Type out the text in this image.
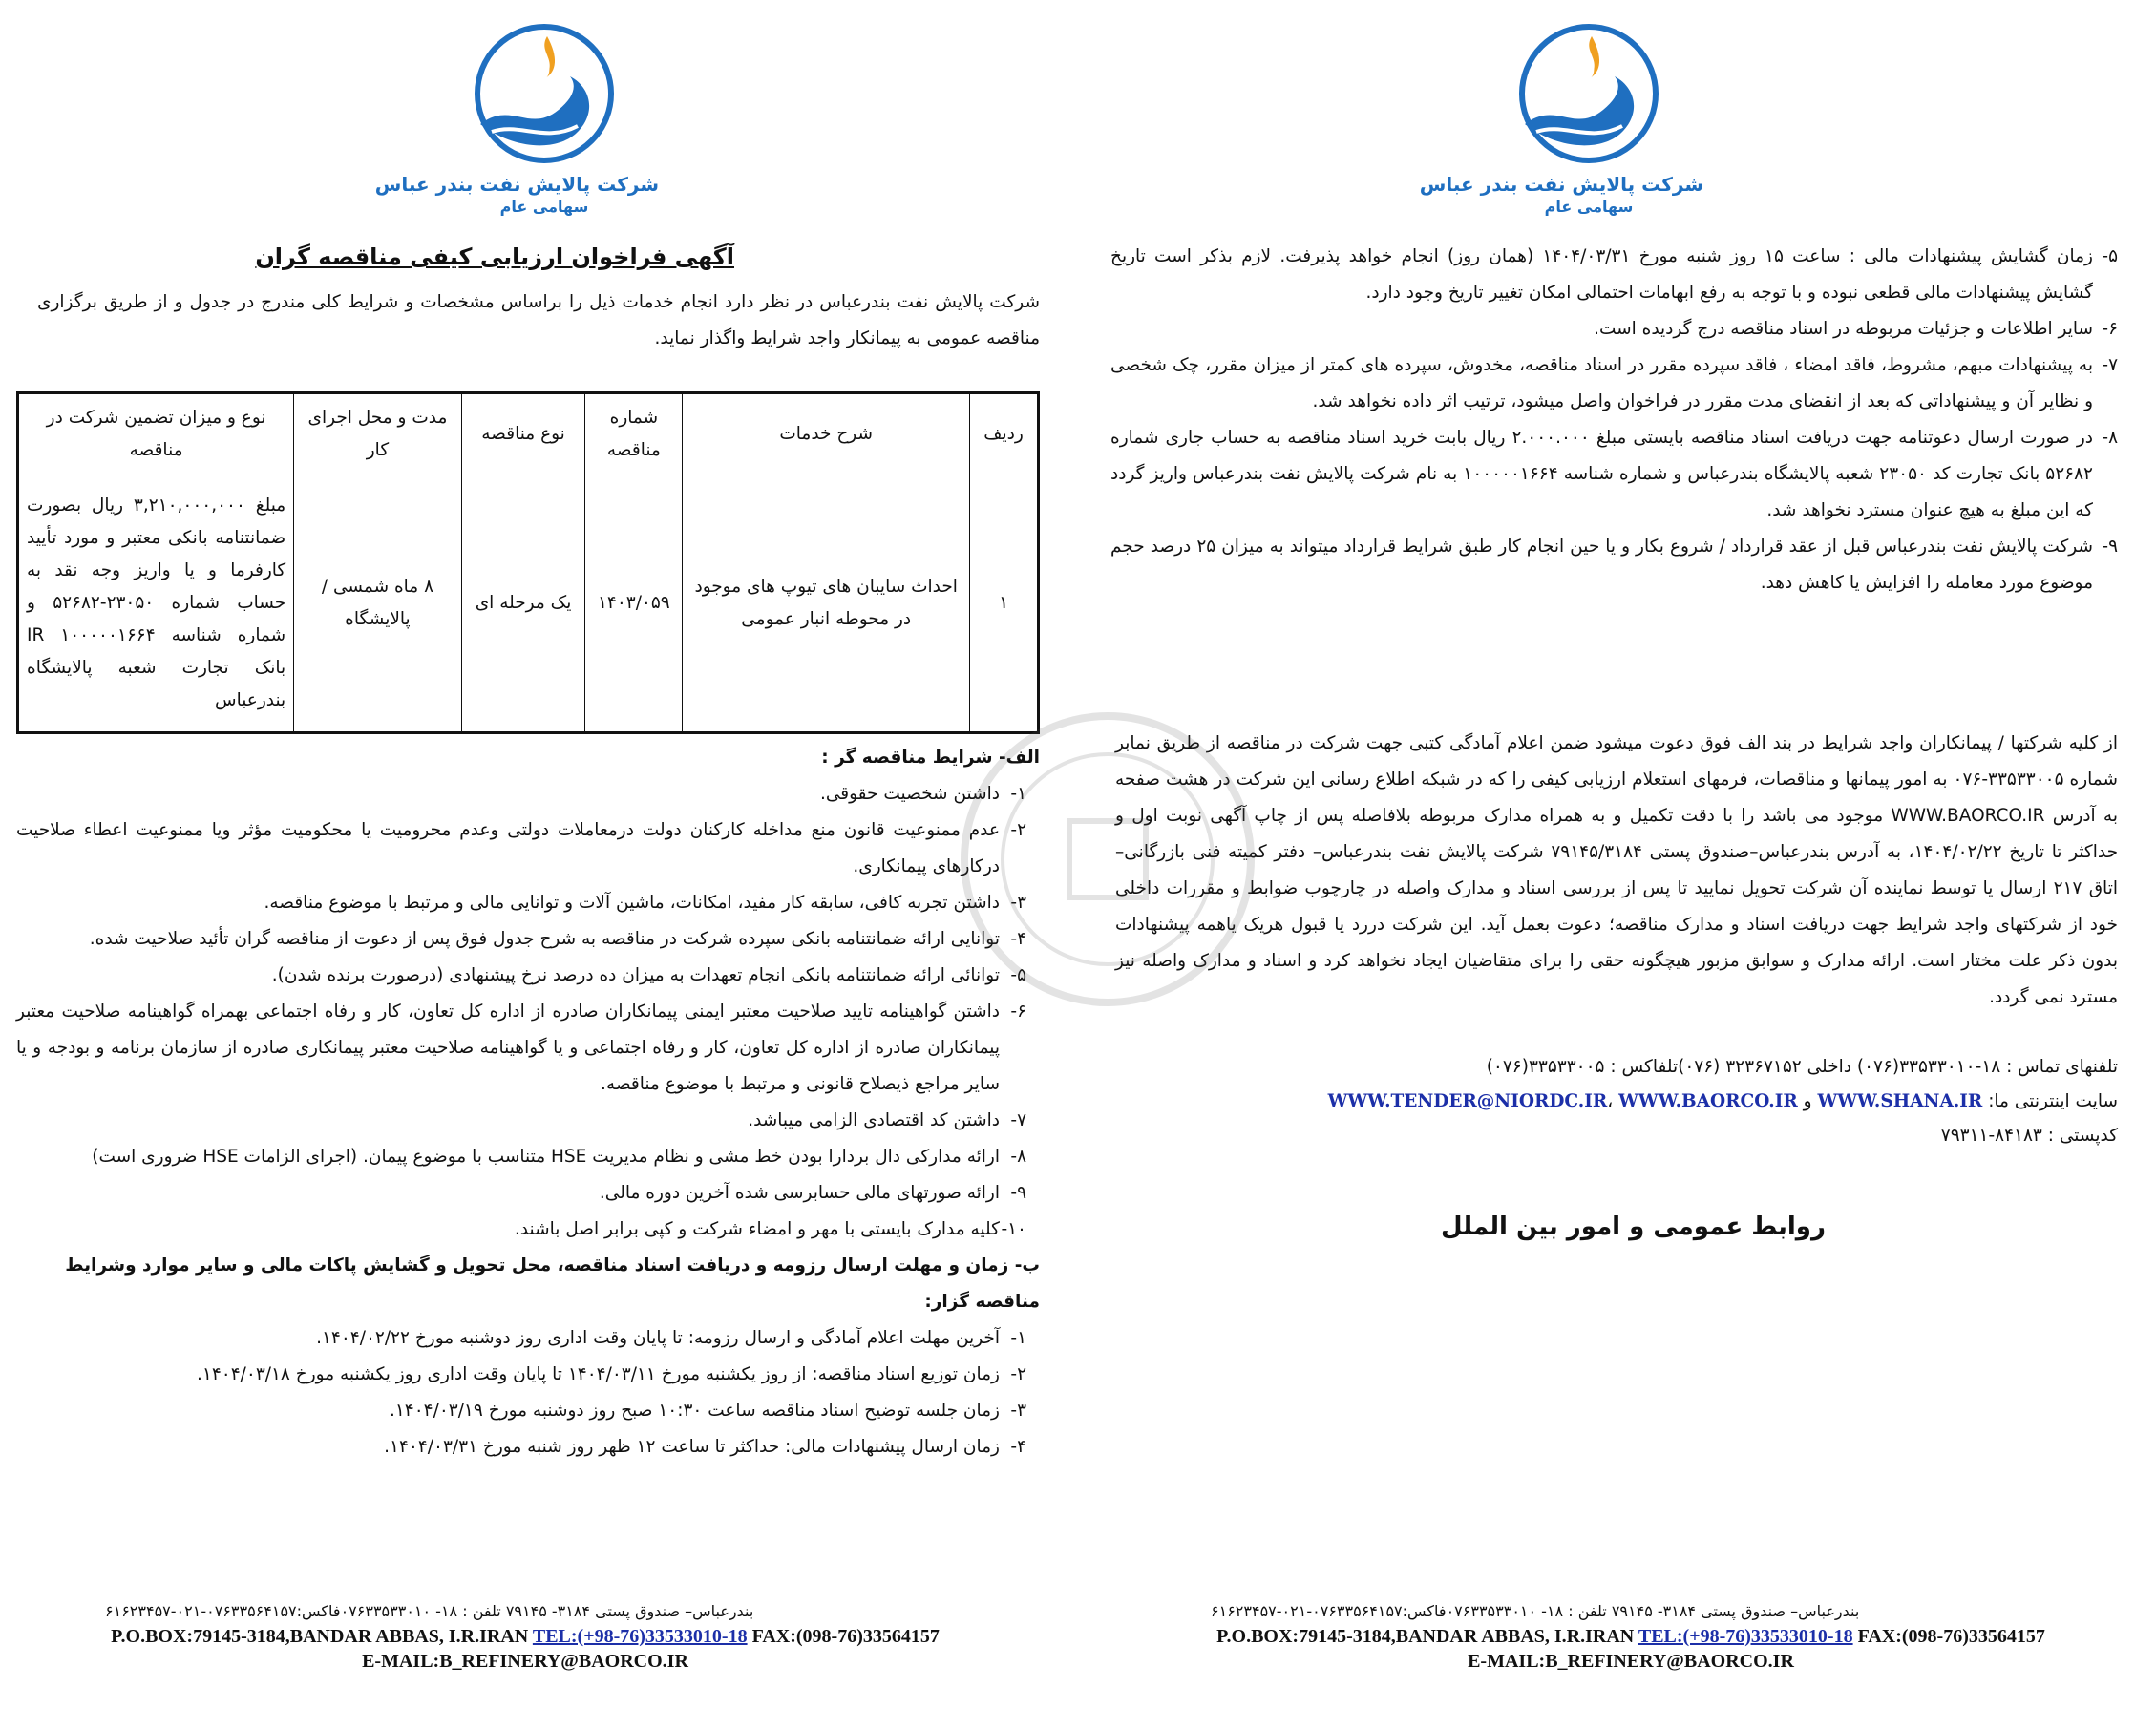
شرکت پالایش نفت بندر عباس
سهامی عام
۵-
زمان گشایش پیشنهادات مالی : ساعت ۱۵ روز شنبه مورخ ۱۴۰۴/۰۳/۳۱ (همان روز) انجام خواهد پذیرفت. لازم بذکر است تاریخ گشایش پیشنهادات مالی قطعی نبوده و با توجه به رفع ابهامات احتمالی امکان تغییر تاریخ وجود دارد.
۶-
سایر اطلاعات و جزئیات مربوطه در اسناد مناقصه درج گردیده است.
۷-
به پیشنهادات مبهم، مشروط، فاقد امضاء ، فاقد سپرده مقرر در اسناد مناقصه، مخدوش، سپرده های کمتر از میزان مقرر، چک شخصی و نظایر آن و پیشنهاداتی که بعد از انقضای مدت مقرر در فراخوان واصل میشود، ترتیب اثر داده نخواهد شد.
۸-
در صورت ارسال دعوتنامه جهت دریافت اسناد مناقصه بایستی مبلغ ۲.۰۰۰.۰۰۰ ریال بابت خرید اسناد مناقصه به حساب جاری شماره ۵۲۶۸۲ بانک تجارت کد ۲۳۰۵۰ شعبه پالایشگاه بندرعباس و شماره شناسه ۱۰۰۰۰۰۱۶۶۴ به نام شرکت پالایش نفت بندرعباس واریز گردد که این مبلغ به هیچ عنوان مسترد نخواهد شد.
۹-
شرکت پالایش نفت بندرعباس قبل از عقد قرارداد / شروع بکار و یا حین انجام کار طبق شرایط قرارداد میتواند به میزان ۲۵ درصد حجم موضوع مورد معامله را افزایش یا کاهش دهد.

از کلیه شرکتها / پیمانکاران واجد شرایط در بند الف فوق دعوت میشود ضمن اعلام آمادگی کتبی جهت شرکت در مناقصه از طریق نمابر شماره ۳۳۵۳۳۰۰۵-۰۷۶ به امور پیمانها و مناقصات، فرمهای استعلام ارزیابی کیفی را که در شبکه اطلاع رسانی این شرکت در هشت صفحه به آدرس WWW.BAORCO.IR موجود می باشد را با دقت تکمیل و به همراه مدارک مربوطه بلافاصله پس از چاپ آگهی نوبت اول و حداکثر تا تاریخ ۱۴۰۴/۰۲/۲۲، به آدرس بندرعباس–صندوق پستی ۷۹۱۴۵/۳۱۸۴ شرکت پالایش نفت بندرعباس– دفتر کمیته فنی بازرگانی– اتاق ۲۱۷ ارسال یا توسط نماینده آن شرکت تحویل نمایید تا پس از بررسی اسناد و مدارک واصله در چارچوب ضوابط و مقررات داخلی خود از شرکتهای واجد شرایط جهت دریافت اسناد و مدارک مناقصه؛ دعوت بعمل آید. این شرکت دررد یا قبول هریک یاهمه پیشنهادات بدون ذکر علت مختار است. ارائه مدارک و سوابق مزبور هیچگونه حقی را برای متقاضیان ایجاد نخواهد کرد و اسناد و مدارک واصله نیز مسترد نمی گردد.

تلفنهای تماس : ۱۸-۳۳۵۳۳۰۱۰(۰۷۶) داخلی ۳۲۳۶۷۱۵۲ (۰۷۶)تلفاکس : ۳۳۵۳۳۰۰۵(۰۷۶)
سایت اینترنتی ما: WWW.SHANA.IR و WWW.TENDER@NIORDC.IR، WWW.BAORCO.IR
کدپستی : ۸۴۱۸۳-۷۹۳۱۱
روابط عمومی و امور بین الملل
بندرعباس– صندوق پستی ۳۱۸۴- ۷۹۱۴۵ تلفن : ۱۸- ۰۷۶۳۳۵۳۳۰۱۰فاکس:۰۷۶۳۳۵۶۴۱۵۷-۰۲۱-۶۱۶۲۳۴۵۷
P.O.BOX:79145-3184,BANDAR ABBAS, I.R.IRAN TEL:(+98-76)33533010-18 FAX:(098-76)33564157
E-MAIL:B_REFINERY@BAORCO.IR
شرکت پالایش نفت بندر عباس
سهامی عام
آگهی فراخوان ارزیابی کیفی مناقصه گران

شرکت پالایش نفت بندرعباس در نظر دارد انجام خدمات ذیل را براساس مشخصات و شرایط کلی مندرج در جدول و از طریق برگزاری مناقصه عمومی به پیمانکار واجد شرایط واگذار نماید.

ردیف	شرح خدمات	شماره مناقصه	نوع مناقصه	مدت و محل اجرای کار	نوع و میزان تضمین شرکت در مناقصه
۱	احداث سایبان های تیوپ های موجود در محوطه انبار عمومی	۱۴۰۳/۰۵۹	یک مرحله ای	۸ ماه شمسی / پالایشگاه	مبلغ ۳,۲۱۰,۰۰۰,۰۰۰ ریال بصورت ضمانتنامه بانکی معتبر و مورد تأیید کارفرما و یا واریز وجه نقد به حساب شماره ۲۳۰۵۰-۵۲۶۸۲ و شماره شناسه ۱۰۰۰۰۰۱۶۶۴ IR بانک تجارت شعبه پالایشگاه بندرعباس
الف- شرایط مناقصه گر :
۱-
داشتن شخصیت حقوقی.
۲-
عدم ممنوعیت قانون منع مداخله کارکنان دولت درمعاملات دولتی وعدم محرومیت یا محکومیت مؤثر ویا ممنوعیت اعطاء صلاحیت درکارهای پیمانکاری.
۳-
داشتن تجربه کافی، سابقه کار مفید، امکانات، ماشین آلات و توانایی مالی و مرتبط با موضوع مناقصه.
۴-
توانایی ارائه ضمانتنامه بانکی سپرده شرکت در مناقصه به شرح جدول فوق پس از دعوت از مناقصه گران تأئید صلاحیت شده.
۵-
توانائی ارائه ضمانتنامه بانکی انجام تعهدات به میزان ده درصد نرخ پیشنهادی (درصورت برنده شدن).
۶-
داشتن گواهینامه تایید صلاحیت معتبر ایمنی پیمانکاران صادره از اداره کل تعاون، کار و رفاه اجتماعی بهمراه گواهینامه صلاحیت معتبر پیمانکاران صادره از اداره کل تعاون، کار و رفاه اجتماعی و یا گواهینامه صلاحیت معتبر پیمانکاری صادره از سازمان برنامه و بودجه و یا سایر مراجع ذیصلاح قانونی و مرتبط با موضوع مناقصه.
۷-
داشتن کد اقتصادی الزامی میباشد.
۸-
ارائه مدارکی دال بردارا بودن خط مشی و نظام مدیریت HSE متناسب با موضوع پیمان. (اجرای الزامات HSE ضروری است)
۹-
ارائه صورتهای مالی حسابرسی شده آخرین دوره مالی.
۱۰-
کلیه مدارک بایستی با مهر و امضاء شرکت و کپی برابر اصل باشند.
ب- زمان و مهلت ارسال رزومه و دریافت اسناد مناقصه، محل تحویل و گشایش پاکات مالی و سایر موارد وشرایط مناقصه گزار:
۱-
آخرین مهلت اعلام آمادگی و ارسال رزومه: تا پایان وقت اداری روز دوشنبه مورخ ۱۴۰۴/۰۲/۲۲.
۲-
زمان توزیع اسناد مناقصه: از روز یکشنبه مورخ ۱۴۰۴/۰۳/۱۱ تا پایان وقت اداری روز یکشنبه مورخ ۱۴۰۴/۰۳/۱۸.
۳-
زمان جلسه توضیح اسناد مناقصه ساعت ۱۰:۳۰ صبح روز دوشنبه مورخ ۱۴۰۴/۰۳/۱۹.
۴-
زمان ارسال پیشنهادات مالی: حداکثر تا ساعت ۱۲ ظهر روز شنبه مورخ ۱۴۰۴/۰۳/۳۱.
بندرعباس– صندوق پستی ۳۱۸۴- ۷۹۱۴۵ تلفن : ۱۸- ۰۷۶۳۳۵۳۳۰۱۰فاکس:۰۷۶۳۳۵۶۴۱۵۷-۰۲۱-۶۱۶۲۳۴۵۷
P.O.BOX:79145-3184,BANDAR ABBAS, I.R.IRAN TEL:(+98-76)33533010-18 FAX:(098-76)33564157
E-MAIL:B_REFINERY@BAORCO.IR
